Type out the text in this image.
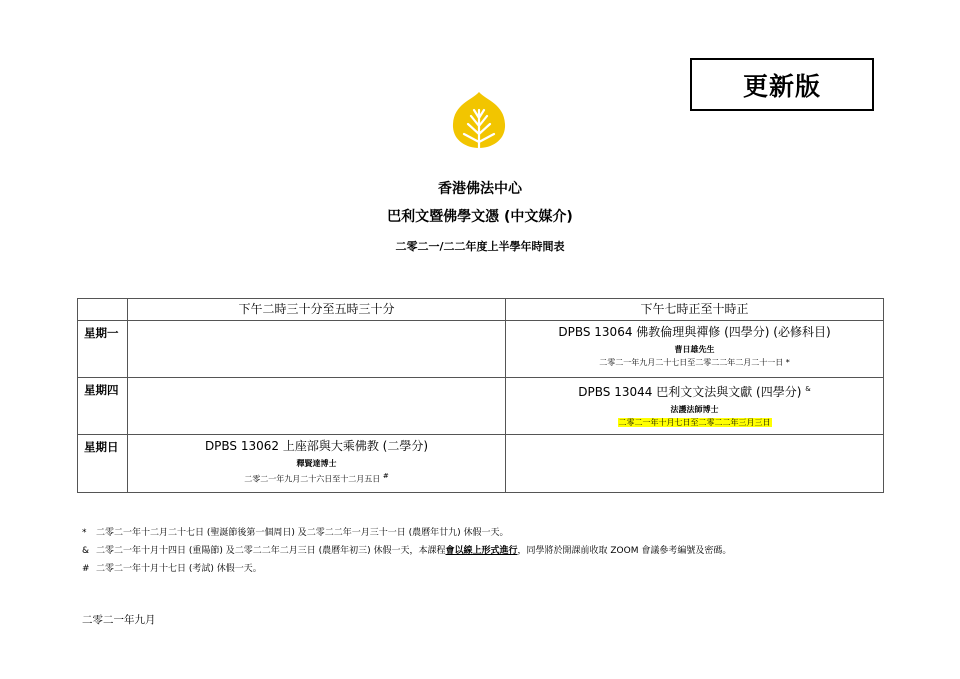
更新版
香港佛法中心
巴利文暨佛學文憑 (中文媒介)
二零二一/二二年度上半學年時間表
	下午二時三十分至五時三十分	下午七時正至十時正
星期一		DPBS 13064 佛教倫理與禪修 (四學分) (必修科目)
曹日雄先生
二零二一年九月二十七日至二零二二年二月二十一日 *

星期四		DPBS 13044 巴利文文法與文獻 (四學分) &
法護法師博士
二零二一年十月七日至二零二二年三月三日

星期日	DPBS 13062 上座部與大乘佛教 (二學分)
釋賢達博士
二零二一年九月二十六日至十二月五日 #

* 二零二一年十二月二十七日 (聖誕節後第一個周日) 及二零二二年一月三十一日 (農曆年廿九) 休假一天。
& 二零二一年十月十四日 (重陽節) 及二零二二年二月三日 (農曆年初三) 休假一天，本課程會以線上形式進行，同學將於開課前收取 ZOOM 會議參考編號及密碼。
# 二零二一年十月十七日 (考試) 休假一天。
二零二一年九月
